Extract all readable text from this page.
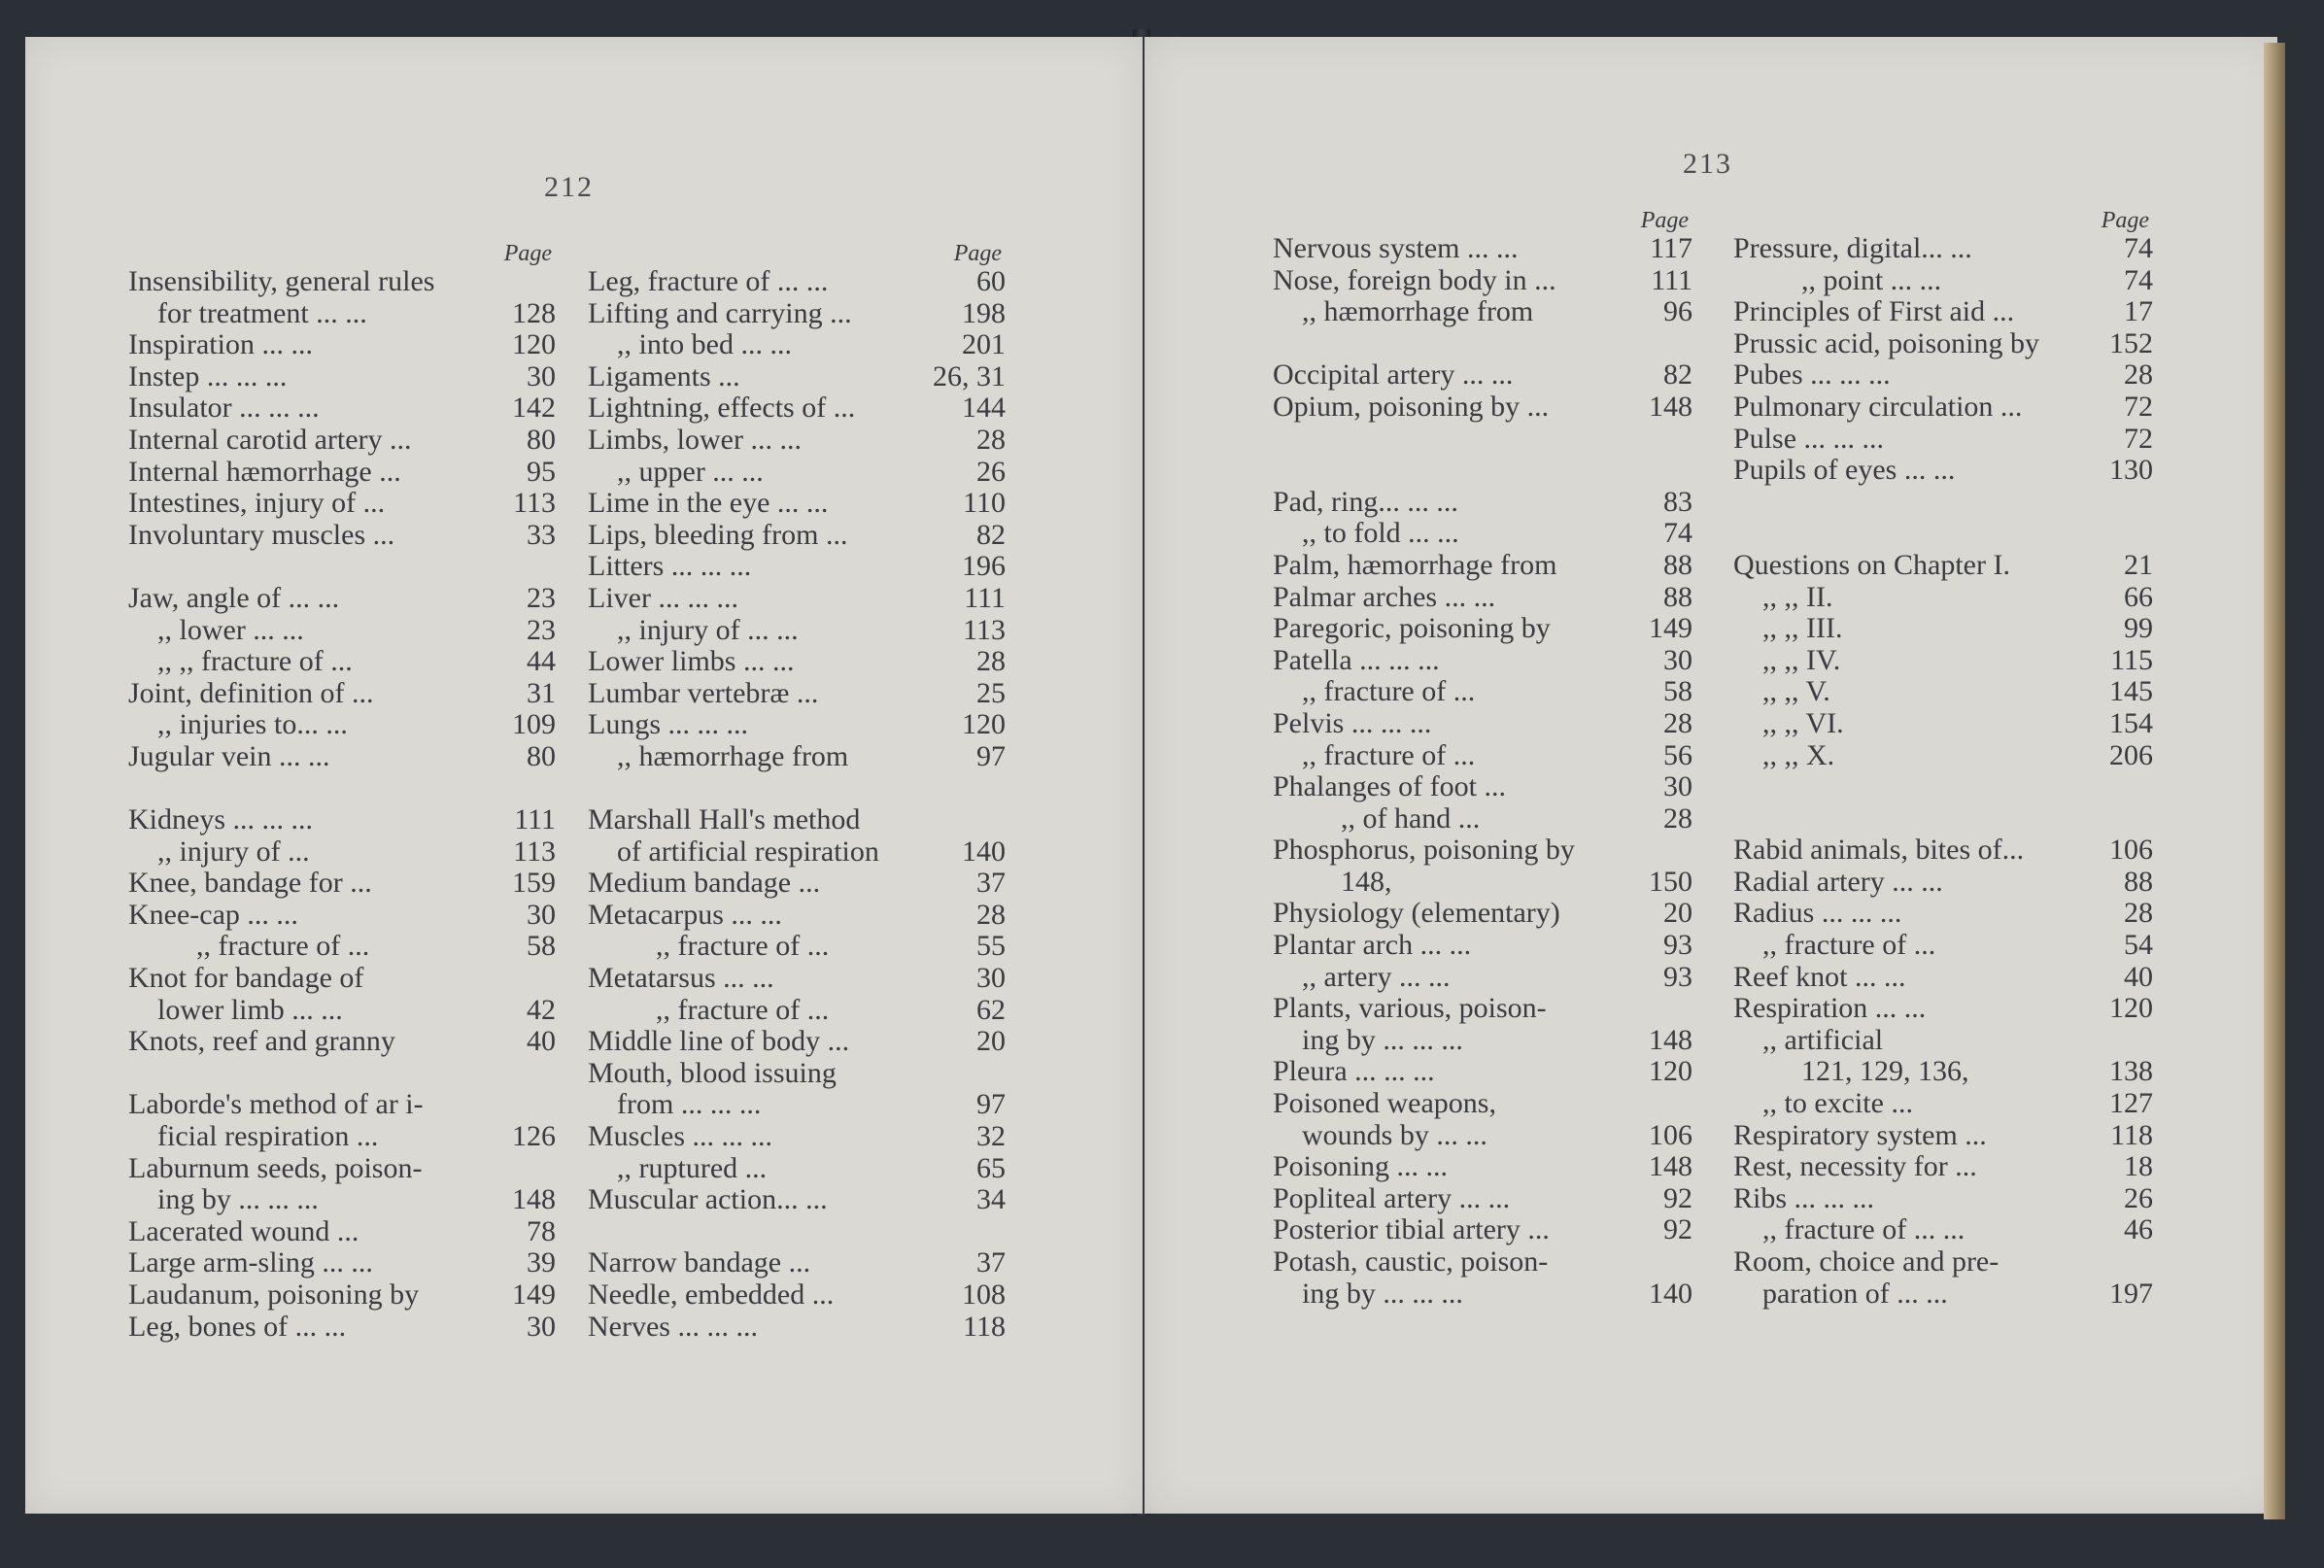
212
213
Page
Insensibility, general rules
for treatment ... ...	128
Inspiration ... ...	120
Instep ... ... ...	30
Insulator ... ... ...	142
Internal carotid artery ...	80
Internal hæmorrhage ...	95
Intestines, injury of ...	113
Involuntary muscles ...	33
Jaw, angle of ... ...	23
,, lower ... ...	23
,, ,, fracture of ...	44
Joint, definition of ...	31
,, injuries to... ...	109
Jugular vein ... ...	80
Kidneys ... ... ...	111
,, injury of ...	113
Knee, bandage for ...	159
Knee-cap ... ...	30
,, fracture of ...	58
Knot for bandage of
lower limb ... ...	42
Knots, reef and granny	40
Laborde's method of ar i-
ficial respiration ...	126
Laburnum seeds, poison-
ing by ... ... ...	148
Lacerated wound ...	78
Large arm-sling ... ...	39
Laudanum, poisoning by	149
Leg, bones of ... ...	30
Page
Leg, fracture of ... ...	60
Lifting and carrying ...	198
,, into bed ... ...	201
Ligaments ...	26, 31
Lightning, effects of ...	144
Limbs, lower ... ...	28
,, upper ... ...	26
Lime in the eye ... ...	110
Lips, bleeding from ...	82
Litters ... ... ...	196
Liver ... ... ...	111
,, injury of ... ...	113
Lower limbs ... ...	28
Lumbar vertebræ ...	25
Lungs ... ... ...	120
,, hæmorrhage from	97
Marshall Hall's method
of artificial respiration	140
Medium bandage ...	37
Metacarpus ... ...	28
,, fracture of ...	55
Metatarsus ... ...	30
,, fracture of ...	62
Middle line of body ...	20
Mouth, blood issuing
from ... ... ...	97
Muscles ... ... ...	32
,, ruptured ...	65
Muscular action... ...	34
Narrow bandage ...	37
Needle, embedded ...	108
Nerves ... ... ...	118
Page
Nervous system ... ...	117
Nose, foreign body in ...	111
,, hæmorrhage from	96
Occipital artery ... ...	82
Opium, poisoning by ...	148
Pad, ring... ... ...	83
,, to fold ... ...	74
Palm, hæmorrhage from	88
Palmar arches ... ...	88
Paregoric, poisoning by	149
Patella ... ... ...	30
,, fracture of ...	58
Pelvis ... ... ...	28
,, fracture of ...	56
Phalanges of foot ...	30
,, of hand ...	28
Phosphorus, poisoning by
148,	150
Physiology (elementary)	20
Plantar arch ... ...	93
,, artery ... ...	93
Plants, various, poison-
ing by ... ... ...	148
Pleura ... ... ...	120
Poisoned weapons,
wounds by ... ...	106
Poisoning ... ...	148
Popliteal artery ... ...	92
Posterior tibial artery ...	92
Potash, caustic, poison-
ing by ... ... ...	140
Page
Pressure, digital... ...	74
,, point ... ...	74
Principles of First aid ...	17
Prussic acid, poisoning by	152
Pubes ... ... ...	28
Pulmonary circulation ...	72
Pulse ... ... ...	72
Pupils of eyes ... ...	130
Questions on Chapter I.	21
,, ,, II.	66
,, ,, III.	99
,, ,, IV.	115
,, ,, V.	145
,, ,, VI.	154
,, ,, X.	206
Rabid animals, bites of...	106
Radial artery ... ...	88
Radius ... ... ...	28
,, fracture of ...	54
Reef knot ... ...	40
Respiration ... ...	120
,, artificial
121, 129, 136,	138
,, to excite ...	127
Respiratory system ...	118
Rest, necessity for ...	18
Ribs ... ... ...	26
,, fracture of ... ...	46
Room, choice and pre-
paration of ... ...	197
